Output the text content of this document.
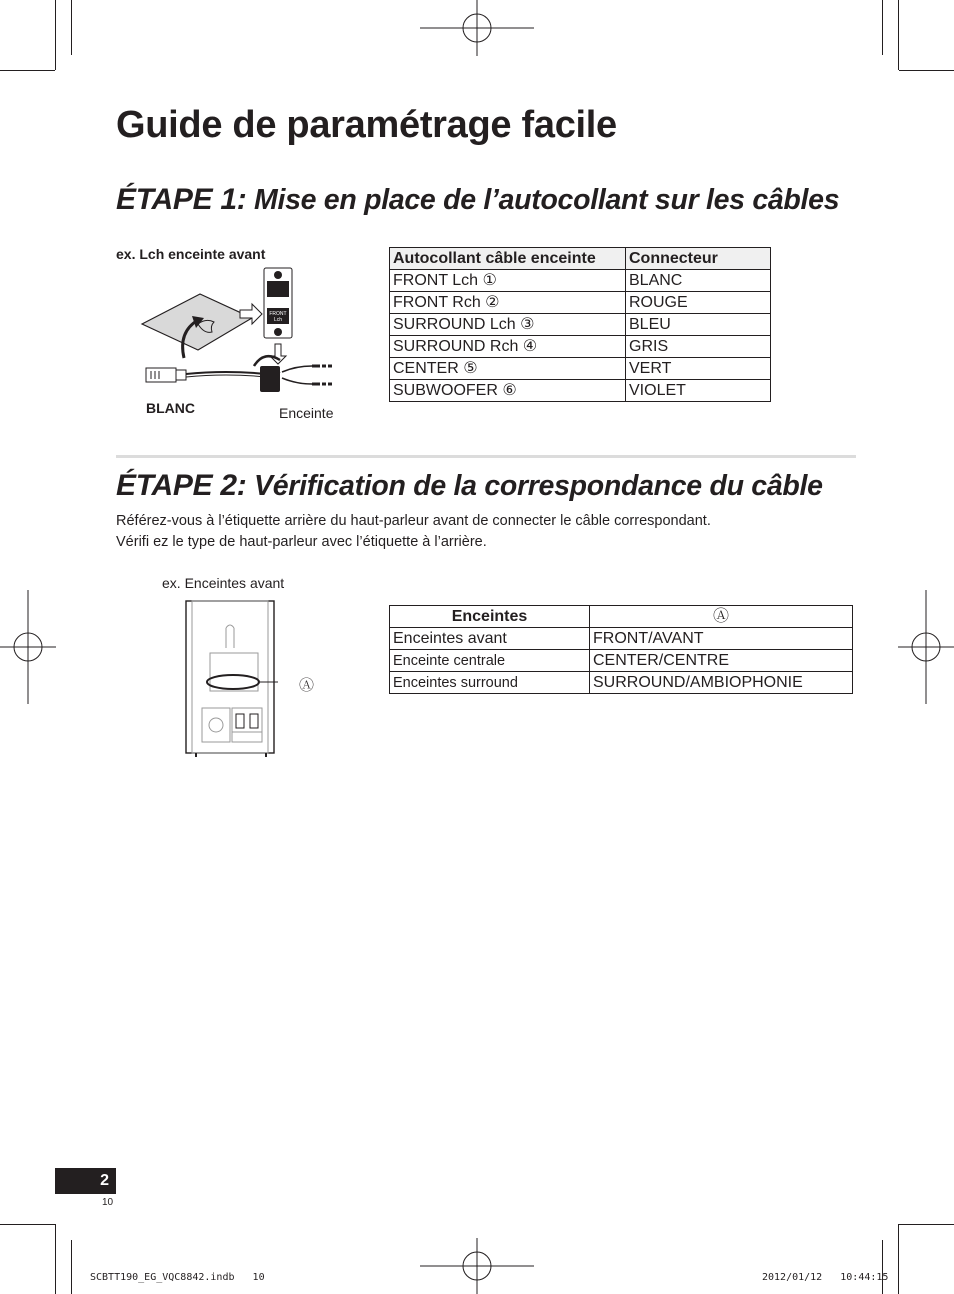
Guide de paramétrage facile
ÉTAPE 1: Mise en place de l’autocollant sur les câbles
ex. Lch enceinte avant
FRONT
Lch
BLANC	Enceinte
Autocollant câble enceinte	Connecteur
FRONT Lch ①	BLANC
FRONT Rch ②	ROUGE
SURROUND Lch ③	BLEU
SURROUND Rch ④	GRIS
CENTER ⑤	VERT
SUBWOOFER ⑥	VIOLET
ÉTAPE 2: Vérification de la correspondance du câble
Référez-vous à l’étiquette arrière du haut-parleur avant de connecter le câble correspondant.
Vérifi ez le type de haut-parleur avec l’étiquette à l’arrière.
ex. Enceintes avant
Ⓐ
Enceintes	Ⓐ
Enceintes avant	FRONT/AVANT
Enceinte centrale	CENTER/CENTRE
Enceintes surround	SURROUND/AMBIOPHONIE
2
10
SCBTT190_EG_VQC8842.indb   10	2012/01/12   10:44:15
